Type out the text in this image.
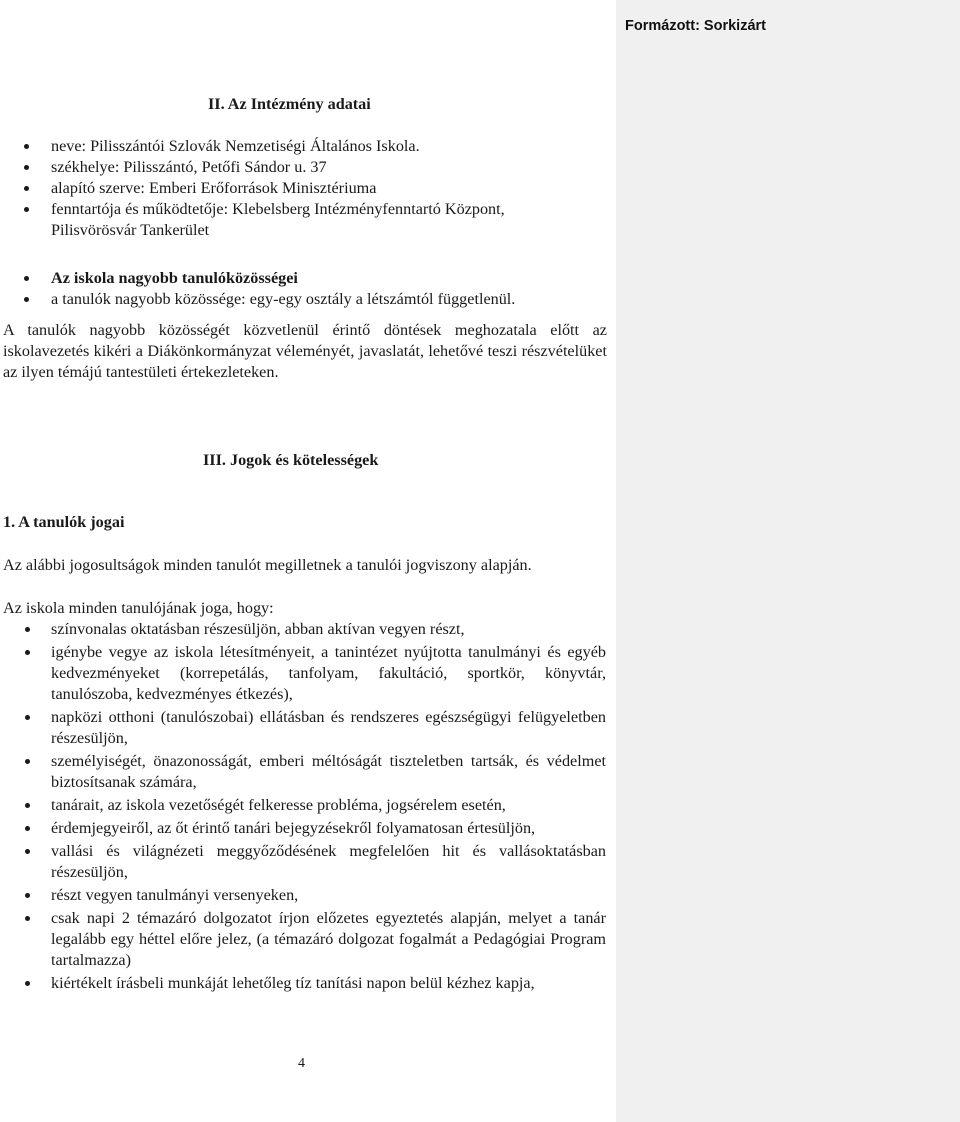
Formázott: Sorkizárt
II. Az Intézmény adatai
neve: Pilisszántói Szlovák Nemzetiségi Általános Iskola.
székhelye: Pilisszántó, Petőfi Sándor u. 37
alapító szerve: Emberi Erőforrások Minisztériuma
fenntartója és működtetője: Klebelsberg Intézményfenntartó Központ, Pilisvörösvár Tankerület
Az iskola nagyobb tanulóközösségei
a tanulók nagyobb közössége: egy-egy osztály a létszámtól függetlenül.

A tanulók nagyobb közösségét közvetlenül érintő döntések meghozatala előtt az iskolavezetés kikéri a Diákönkormányzat véleményét, javaslatát, lehetővé teszi részvételüket az ilyen témájú tantestületi értekezleteken.

III. Jogok és kötelességek
1. A tanulók jogai

Az alábbi jogosultságok minden tanulót megilletnek a tanulói jogviszony alapján.

Az iskola minden tanulójának joga, hogy:

színvonalas oktatásban részesüljön, abban aktívan vegyen részt,
igénybe vegye az iskola létesítményeit, a tanintézet nyújtotta tanulmányi és egyéb kedvezményeket (korrepetálás, tanfolyam, fakultáció, sportkör, könyvtár, tanulószoba, kedvezményes étkezés),
napközi otthoni (tanulószobai) ellátásban és rendszeres egészségügyi felügyeletben részesüljön,
személyiségét, önazonosságát, emberi méltóságát tiszteletben tartsák, és védelmet biztosítsanak számára,
tanárait, az iskola vezetőségét felkeresse probléma, jogsérelem esetén,
érdemjegyeiről, az őt érintő tanári bejegyzésekről folyamatosan értesüljön,
vallási és világnézeti meggyőződésének megfelelően hit és vallásoktatásban részesüljön,
részt vegyen tanulmányi versenyeken,
csak napi 2 témazáró dolgozatot írjon előzetes egyeztetés alapján, melyet a tanár legalább egy héttel előre jelez, (a témazáró dolgozat fogalmát a Pedagógiai Program tartalmazza)
kiértékelt írásbeli munkáját lehetőleg tíz tanítási napon belül kézhez kapja,
4
